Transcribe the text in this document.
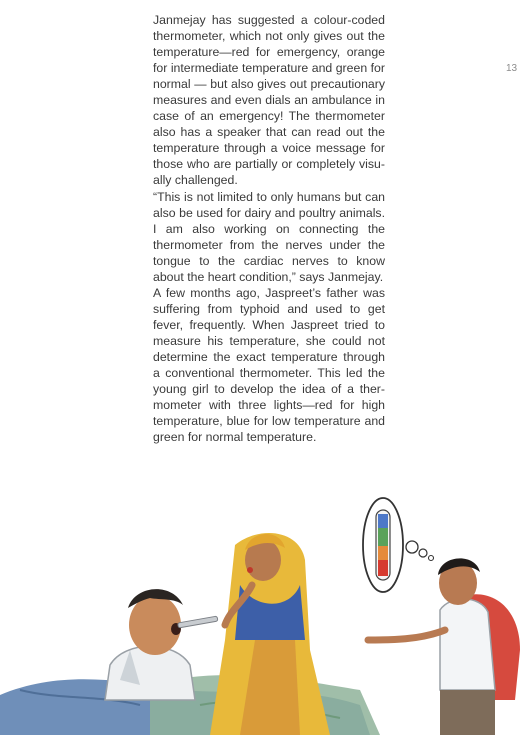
13

Janmejay has suggested a colour-coded thermometer, which not only gives out the temperature—red for emergency, orange for intermediate temperature and green for normal — but also gives out precautionary measures and even dials an ambulance in case of an emergency! The thermometer also has a speaker that can read out the temperature through a voice message for those who are partially or completely visually challenged.

“This is not limited to only humans but can also be used for dairy and poultry animals. I am also working on connecting the thermometer from the nerves under the tongue to the cardiac nerves to know about the heart condition,” says Janmejay.

A few months ago, Jaspreet’s father was suffering from typhoid and used to get fever, frequently. When Jaspreet tried to measure his temperature, she could not determine the exact temperature through a conventional thermometer. This led the young girl to develop the idea of a thermometer with three lights—red for high temperature, blue for low temperature and green for normal temperature.
